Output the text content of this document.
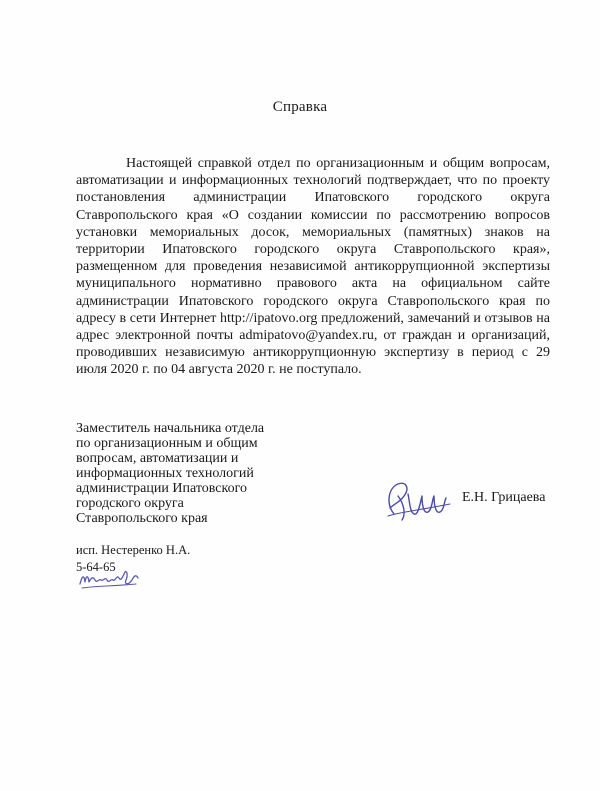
Справка

Настоящей справкой отдел по организационным и общим вопросам, автоматизации и информационных технологий подтверждает, что по проекту постановления администрации Ипатовского городского округа Ставропольского края «О создании комиссии по рассмотрению вопросов установки мемориальных досок, мемориальных (памятных) знаков на территории Ипатовского городского округа Ставропольского края», размещенном для проведения независимой антикоррупционной экспертизы муниципального нормативно правового акта на официальном сайте администрации Ипатовского городского округа Ставропольского края по адресу в сети Интернет http://ipatovo.org предложений, замечаний и отзывов на адрес электронной почты admipatovo@yandex.ru, от граждан и организаций, проводивших независимую антикоррупционную экспертизу в период с 29 июля 2020 г. по 04 августа 2020 г. не поступало.

Заместитель начальника отдела
по организационным и общим
вопросам, автоматизации и
информационных технологий
администрации Ипатовского
городского округа
Ставропольского края
Е.Н. Грицаева
исп. Нестеренко Н.А.
5-64-65
